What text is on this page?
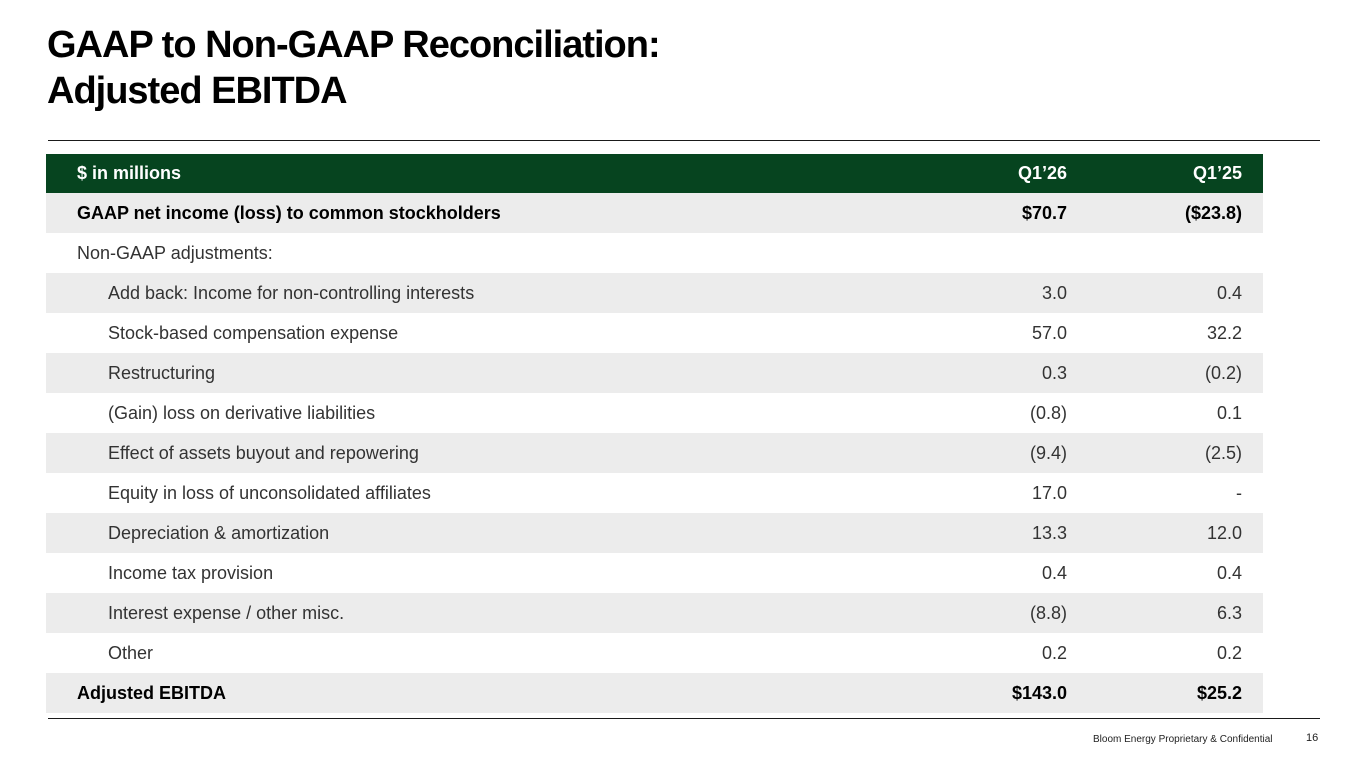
GAAP to Non-GAAP Reconciliation:
Adjusted EBITDA
$ in millions	Q1’26	Q1’25
GAAP net income (loss) to common stockholders	$70.7	($23.8)
Non-GAAP adjustments:
Add back: Income for non-controlling interests	3.0	0.4
Stock-based compensation expense	57.0	32.2
Restructuring	0.3	(0.2)
(Gain) loss on derivative liabilities	(0.8)	0.1
Effect of assets buyout and repowering	(9.4)	(2.5)
Equity in loss of unconsolidated affiliates	17.0	-
Depreciation & amortization	13.3	12.0
Income tax provision	0.4	0.4
Interest expense / other misc.	(8.8)	6.3
Other	0.2	0.2
Adjusted EBITDA	$143.0	$25.2
Bloom Energy Proprietary & Confidential	16
